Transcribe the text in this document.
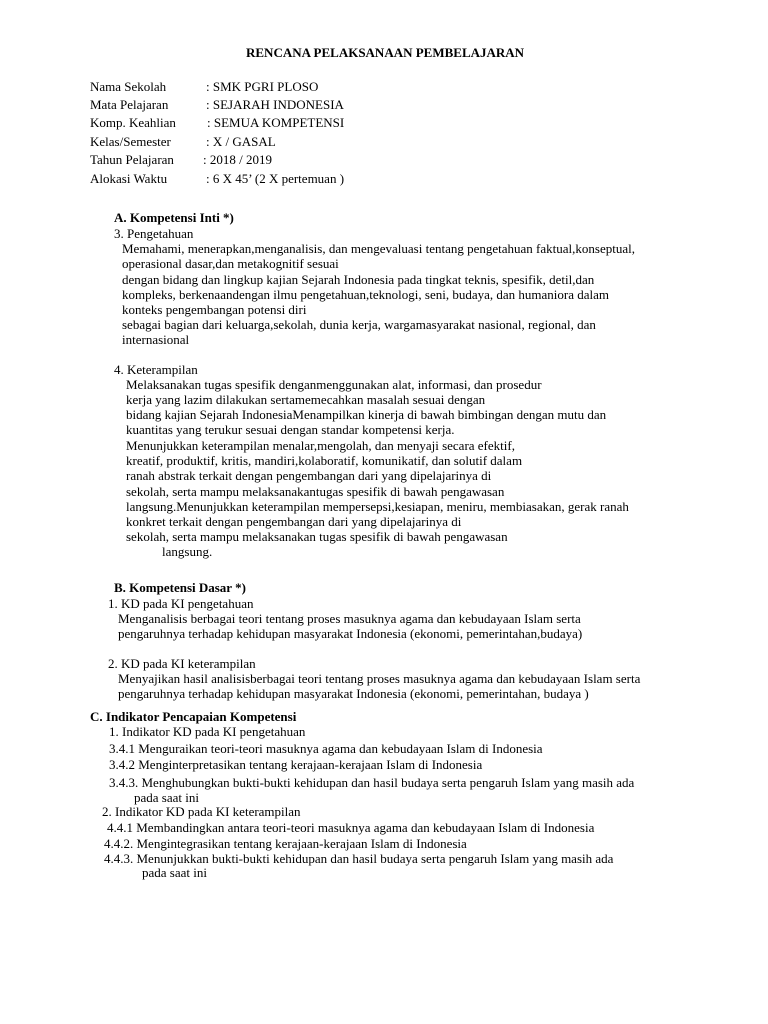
RENCANA PELAKSANAAN PEMBELAJARAN
Nama Sekolah	: SMK PGRI PLOSO
Mata Pelajaran	: SEJARAH INDONESIA
Komp. Keahlian : SEMUA KOMPETENSI
Kelas/Semester	: X / GASAL
Tahun Pelajaran : 2018 / 2019
Alokasi Waktu	: 6 X 45’ (2 X pertemuan )
A. Kompetensi Inti *)
3. Pengetahuan
Memahami, menerapkan,menganalisis, dan mengevaluasi tentang pengetahuan faktual,konseptual,
operasional dasar,dan metakognitif sesuai
dengan bidang dan lingkup kajian Sejarah Indonesia pada tingkat teknis, spesifik, detil,dan
kompleks, berkenaandengan ilmu pengetahuan,teknologi, seni, budaya, dan humaniora dalam
konteks pengembangan potensi diri
sebagai bagian dari keluarga,sekolah, dunia kerja, wargamasyarakat nasional, regional, dan
internasional
4. Keterampilan
Melaksanakan tugas spesifik denganmenggunakan alat, informasi, dan prosedur
kerja yang lazim dilakukan sertamemecahkan masalah sesuai dengan
bidang kajian Sejarah IndonesiaMenampilkan kinerja di bawah bimbingan dengan mutu dan
kuantitas yang terukur sesuai dengan standar kompetensi kerja.
Menunjukkan keterampilan menalar,mengolah, dan menyaji secara efektif,
kreatif, produktif, kritis, mandiri,kolaboratif, komunikatif, dan solutif dalam
ranah abstrak terkait dengan pengembangan dari yang dipelajarinya di
sekolah, serta mampu melaksanakantugas spesifik di bawah pengawasan
langsung.Menunjukkan keterampilan mempersepsi,kesiapan, meniru, membiasakan, gerak ranah
konkret terkait dengan pengembangan dari yang dipelajarinya di
sekolah, serta mampu melaksanakan tugas spesifik di bawah pengawasan
langsung.
B. Kompetensi Dasar *)
1. KD pada KI pengetahuan
Menganalisis berbagai teori tentang proses masuknya agama dan kebudayaan Islam serta
pengaruhnya terhadap kehidupan masyarakat Indonesia (ekonomi, pemerintahan,budaya)
2. KD pada KI keterampilan
Menyajikan hasil analisisberbagai teori tentang proses masuknya agama dan kebudayaan Islam serta
pengaruhnya terhadap kehidupan masyarakat Indonesia (ekonomi, pemerintahan, budaya )
C. Indikator Pencapaian Kompetensi
1. Indikator KD pada KI pengetahuan
3.4.1 Menguraikan teori-teori masuknya agama dan kebudayaan Islam di Indonesia
3.4.2 Menginterpretasikan tentang kerajaan-kerajaan Islam di Indonesia
3.4.3. Menghubungkan bukti-bukti kehidupan dan hasil budaya serta pengaruh Islam yang masih ada
pada saat ini
2. Indikator KD pada KI keterampilan
4.4.1 Membandingkan antara teori-teori masuknya agama dan kebudayaan Islam di Indonesia
4.4.2. Mengintegrasikan tentang kerajaan-kerajaan Islam di Indonesia
4.4.3. Menunjukkan bukti-bukti kehidupan dan hasil budaya serta pengaruh Islam yang masih ada
pada saat ini
